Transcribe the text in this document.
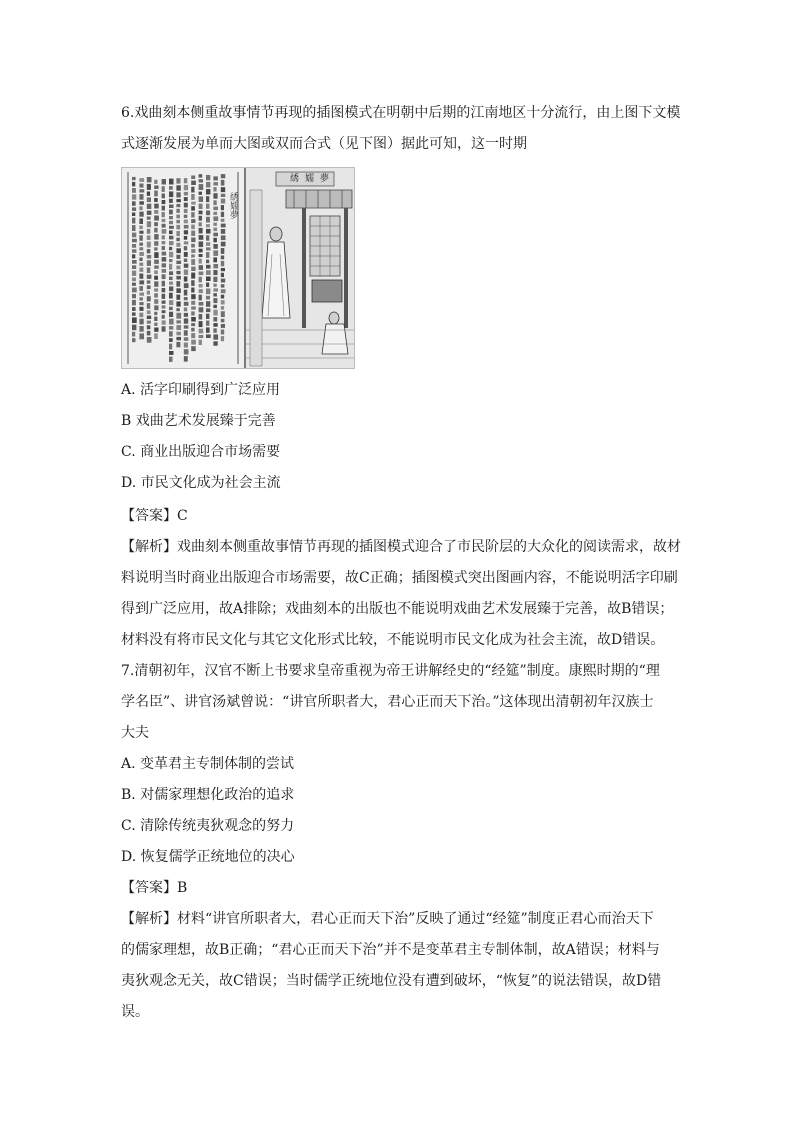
6.戏曲刻本侧重故事情节再现的插图模式在明朝中后期的江南地区十分流行，由上图下文模

式逐渐发展为单而大图或双而合式（见下图）据此可知，这一时期

綉嬬夢
綉嬬夢

A. 活字印刷得到广泛应用

B 戏曲艺术发展臻于完善

C. 商业出版迎合市场需要

D. 市民文化成为社会主流

【答案】C

【解析】戏曲刻本侧重故事情节再现的插图模式迎合了市民阶层的大众化的阅读需求，故材

料说明当时商业出版迎合市场需要，故C正确；插图模式突出图画内容，不能说明活字印刷

得到广泛应用，故A排除；戏曲刻本的出版也不能说明戏曲艺术发展臻于完善，故B错误；

材料没有将市民文化与其它文化形式比较，不能说明市民文化成为社会主流，故D错误。

7.清朝初年，汉官不断上书要求皇帝重视为帝王讲解经史的“经筵”制度。康熙时期的“理

学名臣”、讲官汤斌曾说：“讲官所职者大，君心正而天下治。”这体现出清朝初年汉族士

大夫

A. 变革君主专制体制的尝试

B. 对儒家理想化政治的追求

C. 清除传统夷狄观念的努力

D. 恢复儒学正统地位的决心

【答案】B

【解析】材料“讲官所职者大，君心正而天下治”反映了通过“经筵”制度正君心而治天下

的儒家理想，故B正确；“君心正而天下治”并不是变革君主专制体制，故A错误；材料与

夷狄观念无关，故C错误；当时儒学正统地位没有遭到破坏，“恢复”的说法错误，故D错

误。
